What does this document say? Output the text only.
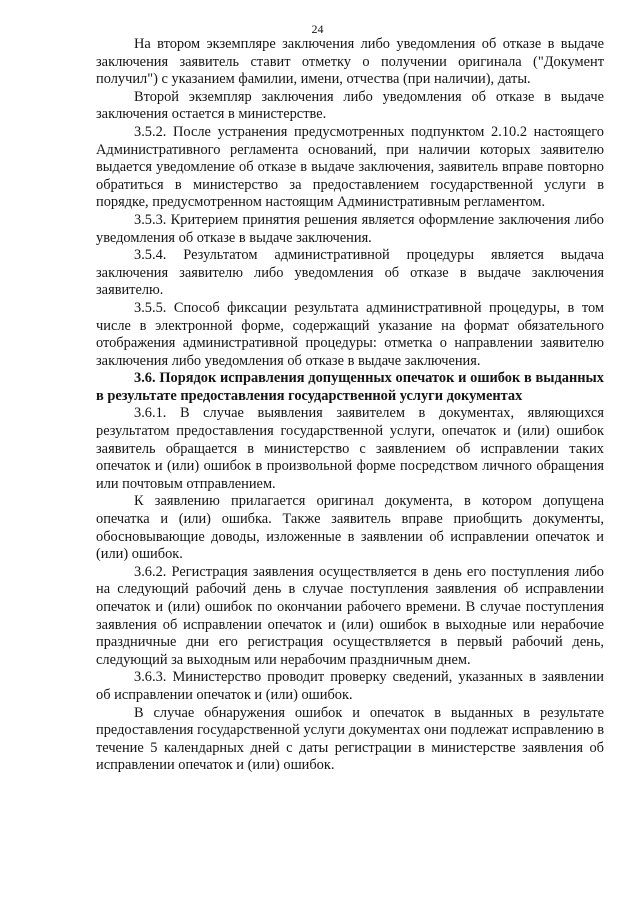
24

На втором экземпляре заключения либо уведомления об отказе в выдаче заключения заявитель ставит отметку о получении оригинала ("Документ получил") с указанием фамилии, имени, отчества (при наличии), даты.

Второй экземпляр заключения либо уведомления об отказе в выдаче заключения остается в министерстве.

3.5.2. После устранения предусмотренных подпунктом 2.10.2 настоящего Административного регламента оснований, при наличии которых заявителю выдается уведомление об отказе в выдаче заключения, заявитель вправе повторно обратиться в министерство за предоставлением государственной услуги в порядке, предусмотренном настоящим Административным регламентом.

3.5.3. Критерием принятия решения является оформление заключения либо уведомления об отказе в выдаче заключения.

3.5.4. Результатом административной процедуры является выдача заключения заявителю либо уведомления об отказе в выдаче заключения заявителю.

3.5.5. Способ фиксации результата административной процедуры, в том числе в электронной форме, содержащий указание на формат обязательного отображения административной процедуры: отметка о направлении заявителю заключения либо уведомления об отказе в выдаче заключения.

3.6. Порядок исправления допущенных опечаток и ошибок в выданных в результате предоставления государственной услуги документах

3.6.1. В случае выявления заявителем в документах, являющихся результатом предоставления государственной услуги, опечаток и (или) ошибок заявитель обращается в министерство с заявлением об исправлении таких опечаток и (или) ошибок в произвольной форме посредством личного обращения или почтовым отправлением.

К заявлению прилагается оригинал документа, в котором допущена опечатка и (или) ошибка. Также заявитель вправе приобщить документы, обосновывающие доводы, изложенные в заявлении об исправлении опечаток и (или) ошибок.

3.6.2. Регистрация заявления осуществляется в день его поступления либо на следующий рабочий день в случае поступления заявления об исправлении опечаток и (или) ошибок по окончании рабочего времени. В случае поступления заявления об исправлении опечаток и (или) ошибок в выходные или нерабочие праздничные дни его регистрация осуществляется в первый рабочий день, следующий за выходным или нерабочим праздничным днем.

3.6.3. Министерство проводит проверку сведений, указанных в заявлении об исправлении опечаток и (или) ошибок.

В случае обнаружения ошибок и опечаток в выданных в результате предоставления государственной услуги документах они подлежат исправлению в течение 5 календарных дней с даты регистрации в министерстве заявления об исправлении опечаток и (или) ошибок.
